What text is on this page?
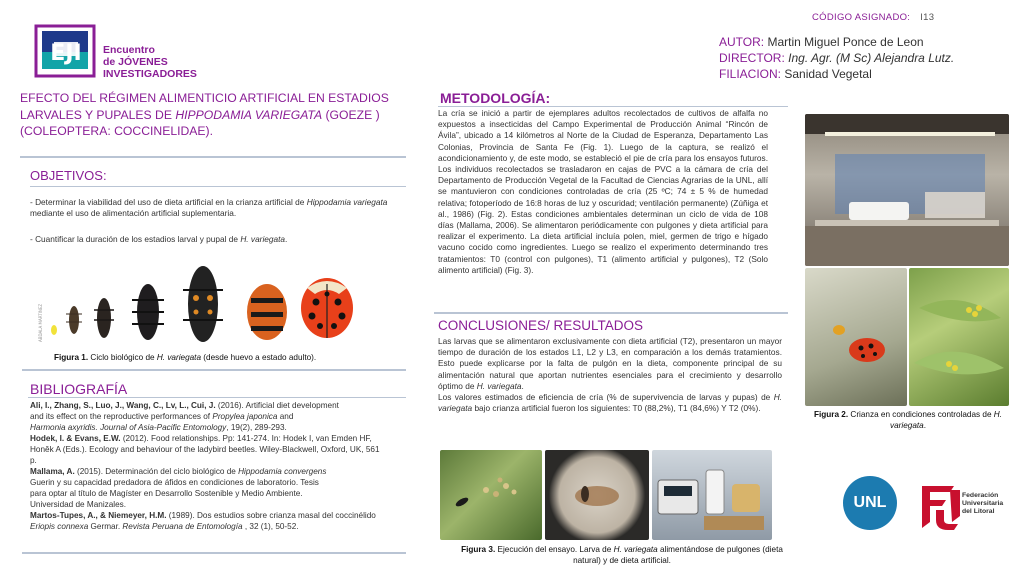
EJI Encuentro
de JÓVENES
INVESTIGADORES
CÓDIGO ASIGNADO: I13
AUTOR: Martin Miguel Ponce de Leon
DIRECTOR: Ing. Agr. (M Sc) Alejandra Lutz.
FILIACION: Sanidad Vegetal
EFECTO DEL RÉGIMEN ALIMENTICIO ARTIFICIAL EN ESTADIOS LARVALES Y PUPALES DE HIPPODAMIA VARIEGATA (GOEZE )(COLEOPTERA: COCCINELIDAE).
OBJETIVOS:
- Determinar la viabilidad del uso de dieta artificial en la crianza artificial de Hippodamia variegata mediante el uso de alimentación artificial suplementaria.
- Cuantificar la duración de los estadios larval y pupal de H. variegata.
ABDALA MARTINEZ
Figura 1. Ciclo biológico de H. variegata (desde huevo a estado adulto).
BIBLIOGRAFÍA
Ali, I., Zhang, S., Luo, J., Wang, C., Lv, L., Cui, J. (2016). Artificial diet development
and its effect on the reproductive performances of Propylea japonica and
Harmonia axyridis. Journal of Asia-Pacific Entomology, 19(2), 289-293.
Hodek, I. & Evans, E.W. (2012). Food relationships. Pp: 141-274. In: Hodek I, van Emden HF,
Honěk A (Eds.). Ecology and behaviour of the ladybird beetles. Wiley-Blackwell, Oxford, UK, 561
p.
Mallama, A. (2015). Determinación del ciclo biológico de Hippodamia convergens
Guerin y su capacidad predadora de áfidos en condiciones de laboratorio. Tesis
para optar al título de Magíster en Desarrollo Sostenible y Medio Ambiente.
Universidad de Manizales.
Martos-Tupes, A., & Niemeyer, H.M. (1989). Dos estudios sobre crianza masal del coccinélido
Eriopis connexa Germar. Revista Peruana de Entomología , 32 (1), 50-52.
METODOLOGÍA:
La cría se inició a partir de ejemplares adultos recolectados de cultivos de alfalfa no expuestos a insecticidas del Campo Experimental de Producción Animal “Rincón de Ávila”, ubicado a 14 kilómetros al Norte de la Ciudad de Esperanza, Departamento Las Colonias, Provincia de Santa Fe (Fig. 1). Luego de la captura, se realizó el acondicionamiento y, de este modo, se estableció el pie de cría para los ensayos futuros. Los individuos recolectados se trasladaron en cajas de PVC a la cámara de cría del Departamento de Producción Vegetal de la Facultad de Ciencias Agrarias de la UNL, allí se mantuvieron con condiciones controladas de cría (25 ºC; 74 ± 5 % de humedad relativa; fotoperíodo de 16:8 horas de luz y oscuridad; ventilación permanente) (Zúñiga et al., 1986) (Fig. 2). Estas condiciones ambientales determinan un ciclo de vida de 108 días (Mallama, 2006). Se alimentaron periódicamente con pulgones y dieta artificial para realizar el experimento. La dieta artificial incluía polen, miel, germen de trigo e hígado vacuno cocido como ingredientes. Luego se realizo el experimento determinando tres tratamientos: T0 (control con pulgones), T1 (alimento artificial y pulgones), T2 (Solo alimento artificial) (Fig. 3).
CONCLUSIONES/ RESULTADOS
Las larvas que se alimentaron exclusivamente con dieta artificial (T2), presentaron un mayor tiempo de duración de los estados L1, L2 y L3, en comparación a los demás tratamientos. Esto puede explicarse por la falta de pulgón en la dieta, componente principal de su alimentación natural que aportan nutrientes esenciales para el crecimiento y desarrollo óptimo de H. variegata.
Los valores estimados de eficiencia de cría (% de supervivencia de larvas y pupas) de H. variegata bajo crianza artificial fueron los siguientes: T0 (88,2%), T1 (84,6%) Y T2 (0%).
Figura 3. Ejecución del ensayo. Larva de H. variegata alimentándose de pulgones (dieta natural) y de dieta artificial.
Figura 2. Crianza en condiciones controladas de H. variegata.
UNL	Federación
Universitaria
del Litoral
